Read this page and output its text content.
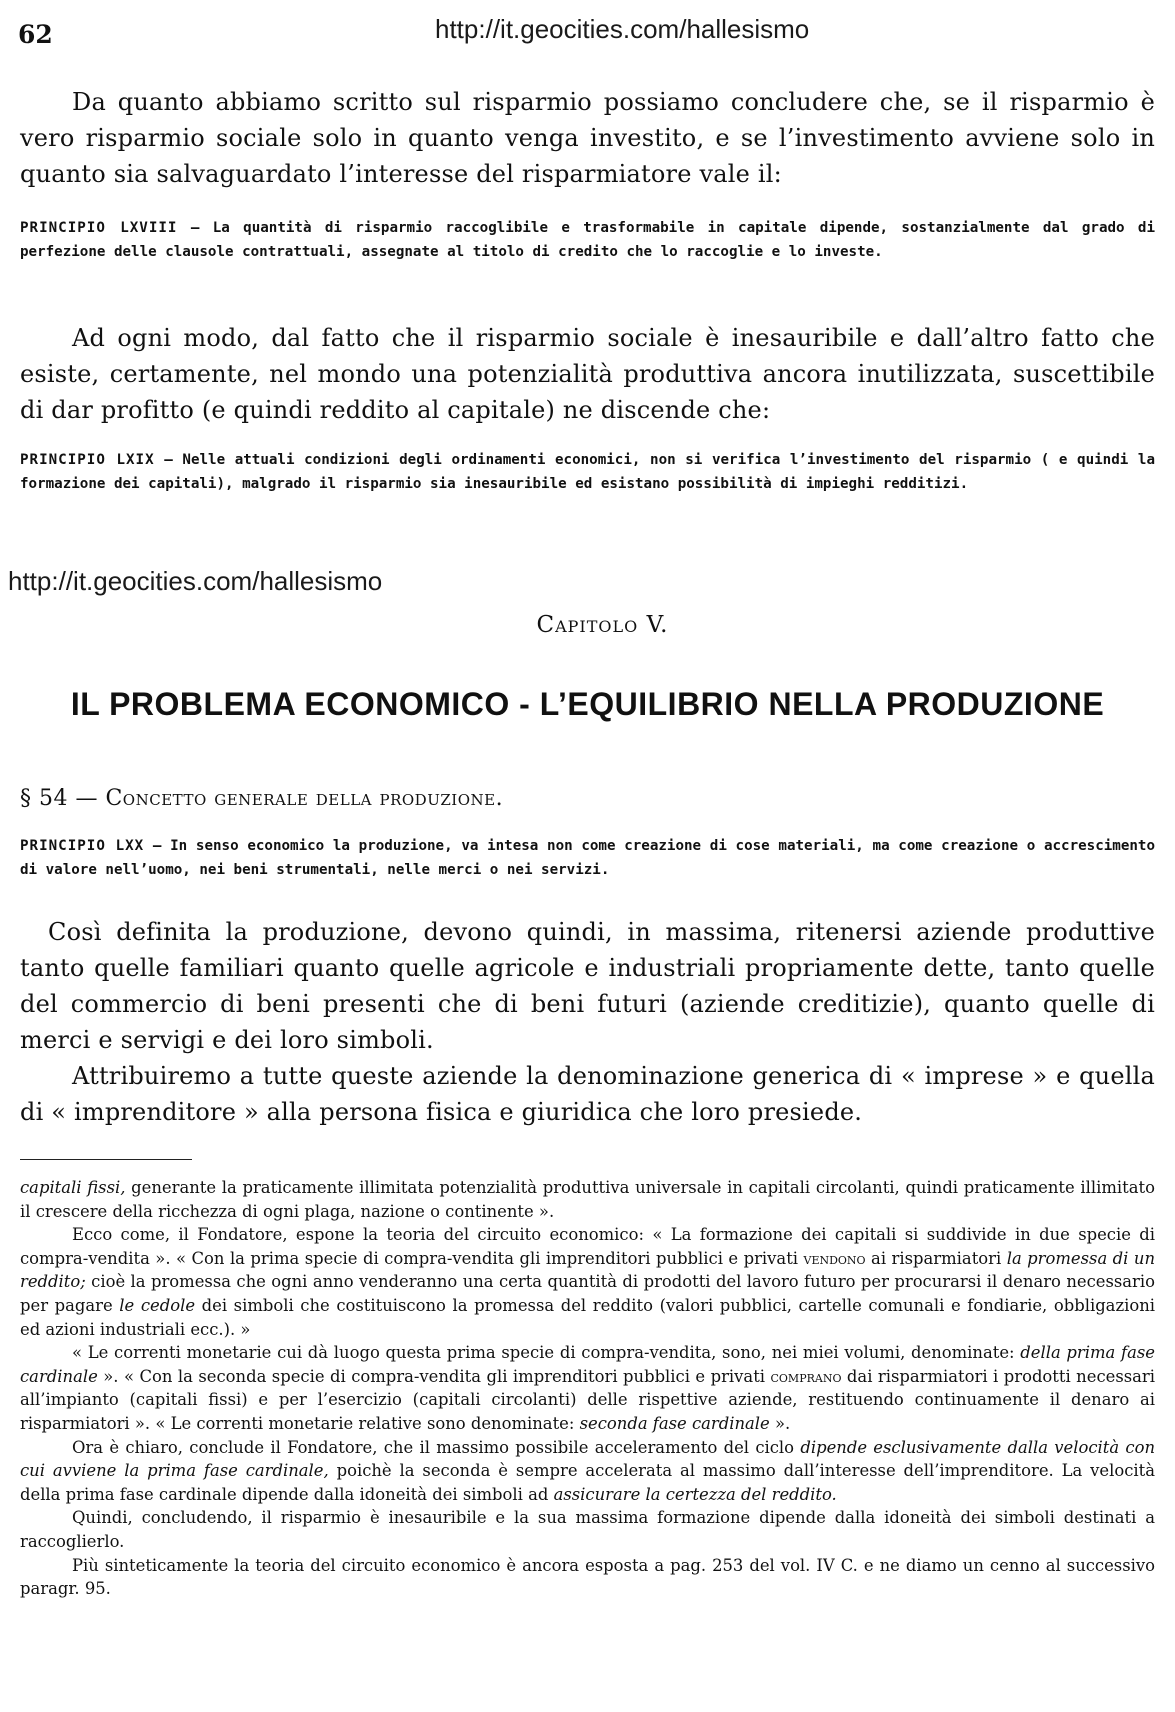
62	http://it.geocities.com/hallesismo
Da quanto abbiamo scritto sul risparmio possiamo concludere che, se il risparmio è vero risparmio sociale solo in quanto venga investito, e se l’investimento avviene solo in quanto sia salvaguardato l’interesse del risparmiatore vale il:
PRINCIPIO LXVIII — La quantità di risparmio raccoglibile e trasformabile in capitale dipende, sostanzialmente dal grado di perfezione delle clausole contrattuali, assegnate al titolo di credito che lo raccoglie e lo investe.
Ad ogni modo, dal fatto che il risparmio sociale è inesauribile e dall’altro fatto che esiste, certamente, nel mondo una potenzialità produttiva ancora inutilizzata, suscettibile di dar profitto (e quindi reddito al capitale) ne discende che:
PRINCIPIO LXIX — Nelle attuali condizioni degli ordinamenti economici, non si verifica l’investimento del risparmio ( e quindi la formazione dei capitali), malgrado il risparmio sia inesauribile ed esistano possibilità di impieghi redditizi.
http://it.geocities.com/hallesismo
Capitolo V.
IL PROBLEMA ECONOMICO - L’EQUILIBRIO NELLA PRODUZIONE
§ 54 — Concetto generale della produzione.
PRINCIPIO LXX — In senso economico la produzione, va intesa non come creazione di cose materiali, ma come creazione o accrescimento di valore nell’uomo, nei beni strumentali, nelle merci o nei servizi.
Così definita la produzione, devono quindi, in massima, ritenersi aziende produttive tanto quelle familiari quanto quelle agricole e industriali propriamente dette, tanto quelle del commercio di beni presenti che di beni futuri (aziende creditizie), quanto quelle di merci e servigi e dei loro simboli.
Attribuiremo a tutte queste aziende la denominazione generica di « imprese » e quella di « imprenditore » alla persona fisica e giuridica che loro presiede.

capitali fissi, generante la praticamente illimitata potenzialità produttiva universale in capitali circolanti, quindi praticamente illimitato il crescere della ricchezza di ogni plaga, nazione o continente ».

Ecco come, il Fondatore, espone la teoria del circuito economico: « La formazione dei capitali si suddivide in due specie di compra-vendita ». « Con la prima specie di compra-vendita gli imprenditori pubblici e privati vendono ai risparmiatori la promessa di un reddito; cioè la promessa che ogni anno venderanno una certa quantità di prodotti del lavoro futuro per procurarsi il denaro necessario per pagare le cedole dei simboli che costituiscono la promessa del reddito (valori pubblici, cartelle comunali e fondiarie, obbligazioni ed azioni industriali ecc.). »

« Le correnti monetarie cui dà luogo questa prima specie di compra-vendita, sono, nei miei volumi, denominate: della prima fase cardinale ». « Con la seconda specie di compra-vendita gli imprenditori pubblici e privati comprano dai risparmiatori i prodotti necessari all’impianto (capitali fissi) e per l’esercizio (capitali circolanti) delle rispettive aziende, restituendo continuamente il denaro ai risparmiatori ». « Le correnti monetarie relative sono denominate: seconda fase cardinale ».

Ora è chiaro, conclude il Fondatore, che il massimo possibile acceleramento del ciclo dipende esclusivamente dalla velocità con cui avviene la prima fase cardinale, poichè la seconda è sempre accelerata al massimo dall’interesse dell’imprenditore. La velocità della prima fase cardinale dipende dalla idoneità dei simboli ad assicurare la certezza del reddito.

Quindi, concludendo, il risparmio è inesauribile e la sua massima formazione dipende dalla idoneità dei simboli destinati a raccoglierlo.

Più sinteticamente la teoria del circuito economico è ancora esposta a pag. 253 del vol. IV C. e ne diamo un cenno al successivo paragr. 95.
